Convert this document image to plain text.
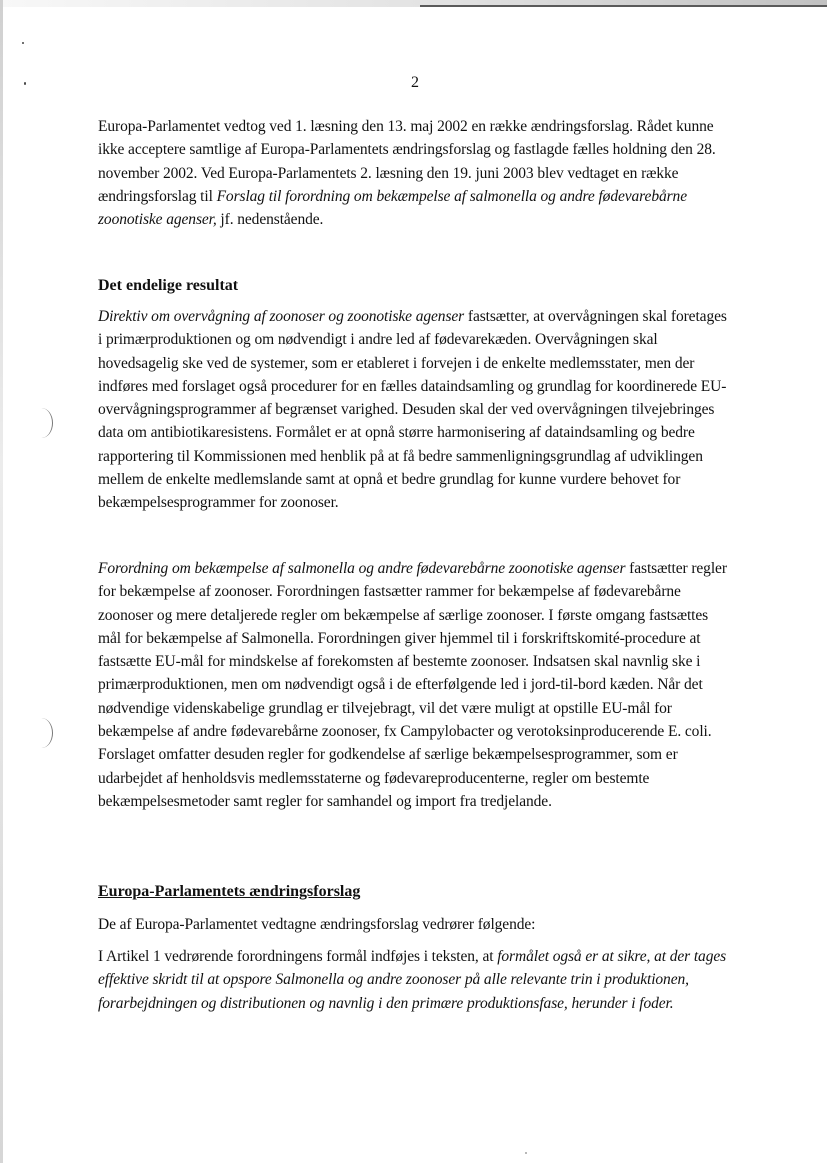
2

Europa-Parlamentet vedtog ved 1. læsning den 13. maj 2002 en række ændringsforslag. Rådet kunne ikke acceptere samtlige af Europa-Parlamentets ændringsforslag og fastlagde fælles holdning den 28. november 2002. Ved Europa-Parlamentets 2. læsning den 19. juni 2003 blev vedtaget en række ændringsforslag til Forslag til forordning om bekæmpelse af salmonella og andre fødevarebårne zoonotiske agenser, jf. nedenstående.

Det endelige resultat

Direktiv om overvågning af zoonoser og zoonotiske agenser fastsætter, at overvågningen skal foretages i primærproduktionen og om nødvendigt i andre led af fødevarekæden. Overvågningen skal hovedsagelig ske ved de systemer, som er etableret i forvejen i de enkelte medlemsstater, men der indføres med forslaget også procedurer for en fælles dataindsamling og grundlag for koordinerede EU-overvågningsprogrammer af begrænset varighed. Desuden skal der ved overvågningen tilvejebringes data om antibiotikaresistens. Formålet er at opnå større harmonisering af dataindsamling og bedre rapportering til Kommissionen med henblik på at få bedre sammenligningsgrundlag af udviklingen mellem de enkelte medlemslande samt at opnå et bedre grundlag for kunne vurdere behovet for bekæmpelsesprogrammer for zoonoser.

Forordning om bekæmpelse af salmonella og andre fødevarebårne zoonotiske agenser fastsætter regler for bekæmpelse af zoonoser. Forordningen fastsætter rammer for bekæmpelse af fødevarebårne zoonoser og mere detaljerede regler om bekæmpelse af særlige zoonoser. I første omgang fastsættes mål for bekæmpelse af Salmonella. Forordningen giver hjemmel til i forskriftskomité-procedure at fastsætte EU-mål for mindskelse af forekomsten af bestemte zoonoser. Indsatsen skal navnlig ske i primærproduktionen, men om nødvendigt også i de efterfølgende led i jord-til-bord kæden. Når det nødvendige videnskabelige grundlag er tilvejebragt, vil det være muligt at opstille EU-mål for bekæmpelse af andre fødevarebårne zoonoser, fx Campylobacter og verotoksinproducerende E. coli. Forslaget omfatter desuden regler for godkendelse af særlige bekæmpelsesprogrammer, som er udarbejdet af henholdsvis medlemsstaterne og fødevareproducenterne, regler om bestemte bekæmpelsesmetoder samt regler for samhandel og import fra tredjelande.

Europa-Parlamentets ændringsforslag

De af Europa-Parlamentet vedtagne ændringsforslag vedrører følgende:

I Artikel 1 vedrørende forordningens formål indføjes i teksten, at formålet også er at sikre, at der tages effektive skridt til at opspore Salmonella og andre zoonoser på alle relevante trin i produktionen, forarbejdningen og distributionen og navnlig i den primære produktionsfase, herunder i foder.
